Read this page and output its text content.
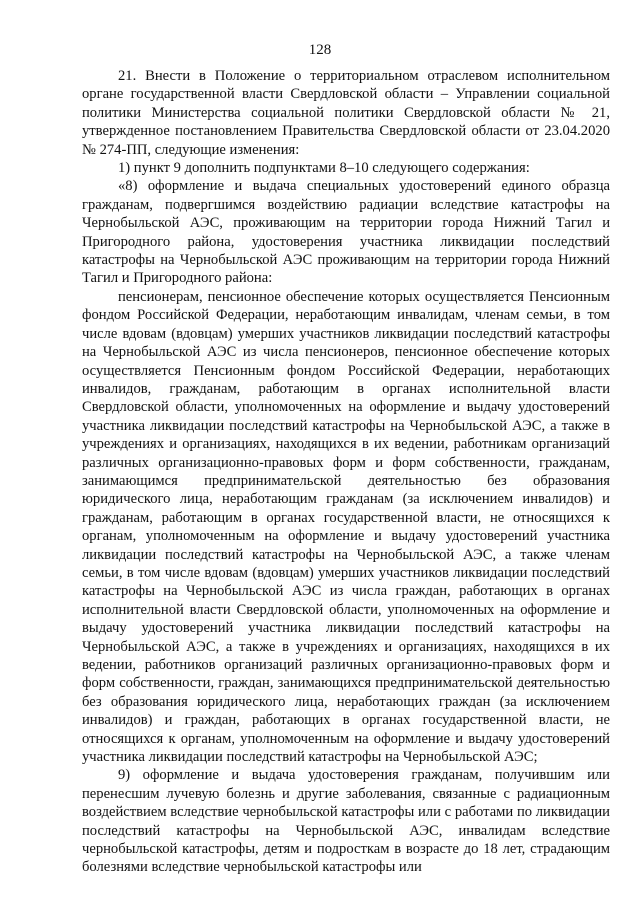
128

21. Внести в Положение о территориальном отраслевом исполнительном органе государственной власти Свердловской области – Управлении социальной политики Министерства социальной политики Свердловской области № 21, утвержденное постановлением Правительства Свердловской области от 23.04.2020 № 274-ПП, следующие изменения:

1) пункт 9 дополнить подпунктами 8–10 следующего содержания:

«8) оформление и выдача специальных удостоверений единого образца гражданам, подвергшимся воздействию радиации вследствие катастрофы на Чернобыльской АЭС, проживающим на территории города Нижний Тагил и Пригородного района, удостоверения участника ликвидации последствий катастрофы на Чернобыльской АЭС проживающим на территории города Нижний Тагил и Пригородного района:

пенсионерам, пенсионное обеспечение которых осуществляется Пенсионным фондом Российской Федерации, неработающим инвалидам, членам семьи, в том числе вдовам (вдовцам) умерших участников ликвидации последствий катастрофы на Чернобыльской АЭС из числа пенсионеров, пенсионное обеспечение которых осуществляется Пенсионным фондом Российской Федерации, неработающих инвалидов, гражданам, работающим в органах исполнительной власти Свердловской области, уполномоченных на оформление и выдачу удостоверений участника ликвидации последствий катастрофы на Чернобыльской АЭС, а также в учреждениях и организациях, находящихся в их ведении, работникам организаций различных организационно-правовых форм и форм собственности, гражданам, занимающимся предпринимательской деятельностью без образования юридического лица, неработающим гражданам (за исключением инвалидов) и гражданам, работающим в органах государственной власти, не относящихся к органам, уполномоченным на оформление и выдачу удостоверений участника ликвидации последствий катастрофы на Чернобыльской АЭС, а также членам семьи, в том числе вдовам (вдовцам) умерших участников ликвидации последствий катастрофы на Чернобыльской АЭС из числа граждан, работающих в органах исполнительной власти Свердловской области, уполномоченных на оформление и выдачу удостоверений участника ликвидации последствий катастрофы на Чернобыльской АЭС, а также в учреждениях и организациях, находящихся в их ведении, работников организаций различных организационно-правовых форм и форм собственности, граждан, занимающихся предпринимательской деятельностью без образования юридического лица, неработающих граждан (за исключением инвалидов) и граждан, работающих в органах государственной власти, не относящихся к органам, уполномоченным на оформление и выдачу удостоверений участника ликвидации последствий катастрофы на Чернобыльской АЭС;

9) оформление и выдача удостоверения гражданам, получившим или перенесшим лучевую болезнь и другие заболевания, связанные с радиационным воздействием вследствие чернобыльской катастрофы или с работами по ликвидации последствий катастрофы на Чернобыльской АЭС, инвалидам вследствие чернобыльской катастрофы, детям и подросткам в возрасте до 18 лет, страдающим болезнями вследствие чернобыльской катастрофы или
